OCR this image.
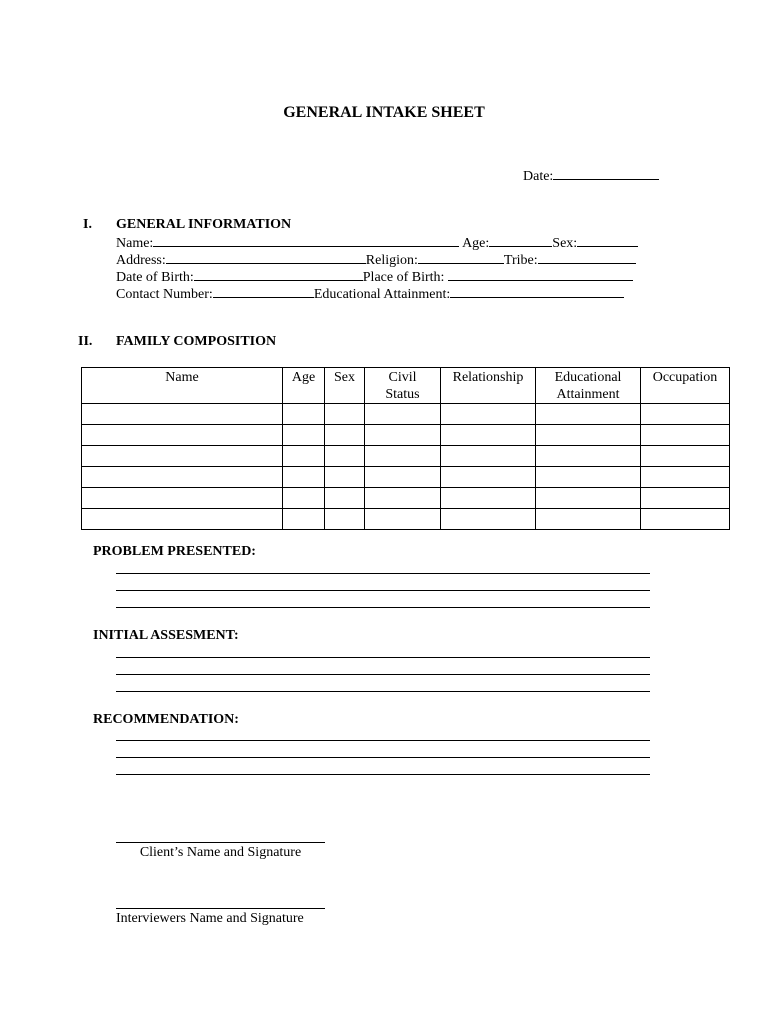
GENERAL INTAKE SHEET
Date:
I. GENERAL INFORMATION
Name:	Age:	Sex:
Address:	Religion:	Tribe:
Date of Birth:	Place of Birth:
Contact Number:	Educational Attainment:
II. FAMILY COMPOSITION
Name	Age	Sex	Civil Status	Relationship	Educational Attainment	Occupation

PROBLEM PRESENTED:
INITIAL ASSESMENT:
RECOMMENDATION:
Client’s Name and Signature
Interviewers Name and Signature
